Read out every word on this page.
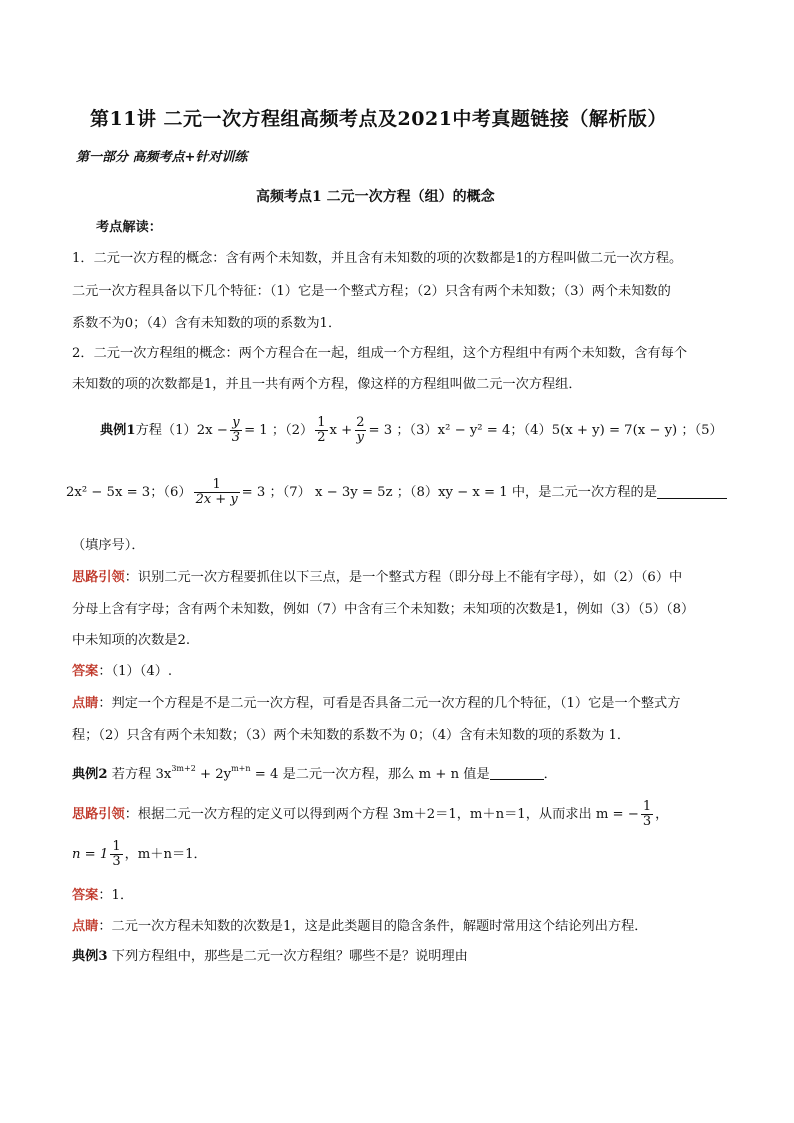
第11讲 二元一次方程组高频考点及2021中考真题链接（解析版）
第一部分 高频考点+针对训练
高频考点1 二元一次方程（组）的概念
考点解读：
1．二元一次方程的概念：含有两个未知数，并且含有未知数的项的次数都是1的方程叫做二元一次方程。
二元一次方程具备以下几个特征：（1）它是一个整式方程；（2）只含有两个未知数；（3）两个未知数的
系数不为0；（4）含有未知数的项的系数为1．
2．二元一次方程组的概念：两个方程合在一起，组成一个方程组，这个方程组中有两个未知数，含有每个
未知数的项的次数都是1，并且一共有两个方程，像这样的方程组叫做二元一次方程组．
典例1 方程$(1)2x - \frac{y}{3} = 1$ ；$(2) \frac{1}{2}$ $x + \frac{2}{y} = 3$ ；（3）x² − y² = 4；（4）5(x + y) = 7(x − y) ；（5）
2x² − 5x = 3；$(6) \frac{1}{2x + y} = 3$ ；（7） x − 3y = 5z ；（8）xy − x = 1 中，是二元一次方程的是
（填序号）．
思路引领：识别二元一次方程要抓住以下三点，是一个整式方程（即分母上不能有字母），如（2）（6）中
分母上含有字母；含有两个未知数，例如（7）中含有三个未知数；未知项的次数是1，例如（3）（5）（8）
中未知项的次数是2.
答案：（1）（4）.
点睛：判定一个方程是不是二元一次方程，可看是否具备二元一次方程的几个特征，（1）它是一个整式方
程；（2）只含有两个未知数；（3）两个未知数的系数不为 0；（4）含有未知数的项的系数为 1．
典例2 若方程 $3x^{3m+2} + 2y^{m+n} = 4$ 是二元一次方程，那么 m + n 值是	．
思路引领 ：根据二元一次方程的定义可以得到两个方程 3m＋2＝1，m＋n＝1，从而求出 m = − $\frac{1}{3}$ ，
$n = 1 \frac{1}{3}$ ，m＋n＝1．
答案：1．
点睛：二元一次方程未知数的次数是1，这是此类题目的隐含条件，解题时常用这个结论列出方程．
典例3 下列方程组中，那些是二元一次方程组？哪些不是？说明理由
